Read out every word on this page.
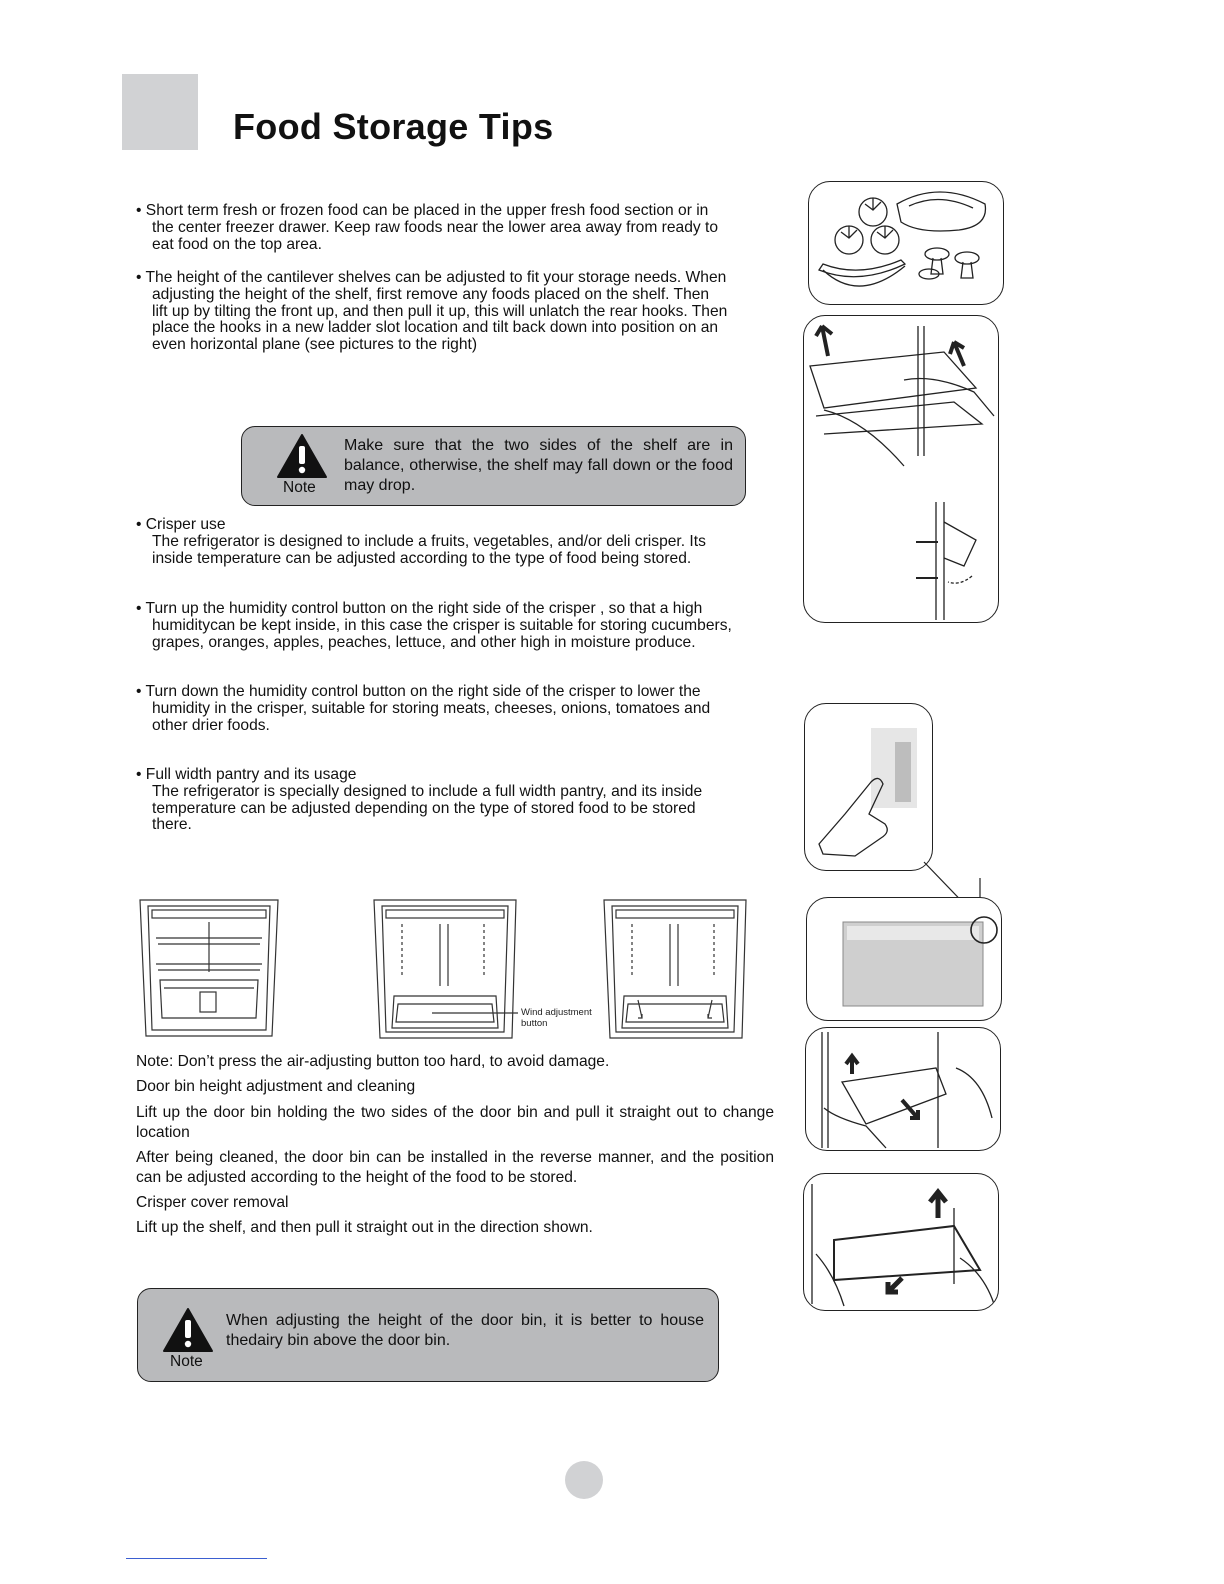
Food Storage Tips
• Short term fresh or frozen food can be placed in the upper fresh food section or in
the center freezer drawer. Keep raw foods near the lower area away from ready to
eat food on the top area.
• The height of the cantilever shelves can be adjusted to fit your storage needs. When
adjusting the height of the shelf, first remove any foods placed on the shelf. Then
lift up by tilting the front up, and then pull it up, this will unlatch the rear hooks. Then
place the hooks in a new ladder slot location and tilt back down into position on an
even horizontal plane (see pictures to the right)
Note
Make sure that the two sides of the shelf are in balance, otherwise, the shelf may fall down or the food may drop.
• Crisper use
The refrigerator is designed to include a fruits, vegetables, and/or deli crisper. Its
inside temperature can be adjusted according to the type of food being stored.
• Turn up the humidity control button on the right side of the crisper , so that a high
humiditycan be kept inside, in this case the crisper is suitable for storing cucumbers,
grapes, oranges, apples, peaches, lettuce, and other high in moisture produce.
• Turn down the humidity control button on the right side of the crisper to lower the
humidity in the crisper, suitable for storing meats, cheeses, onions, tomatoes and
other drier foods.
• Full width pantry and its usage
The refrigerator is specially designed to include a full width pantry, and its inside
temperature can be adjusted depending on the type of stored food to be stored
there.
Wind adjustment
button
Note: Don’t press the air-adjusting button too hard, to avoid damage.
Door bin height adjustment and cleaning
Lift up the door bin holding the two sides of the door bin and pull it straight out to change location
After being cleaned, the door bin can be installed in the reverse manner, and the position can be adjusted according to the height of the food to be stored.
Crisper cover removal
Lift up the shelf, and then pull it straight out in the direction shown.
Note
When adjusting the height of the door bin, it is better to house thedairy bin above the door bin.
